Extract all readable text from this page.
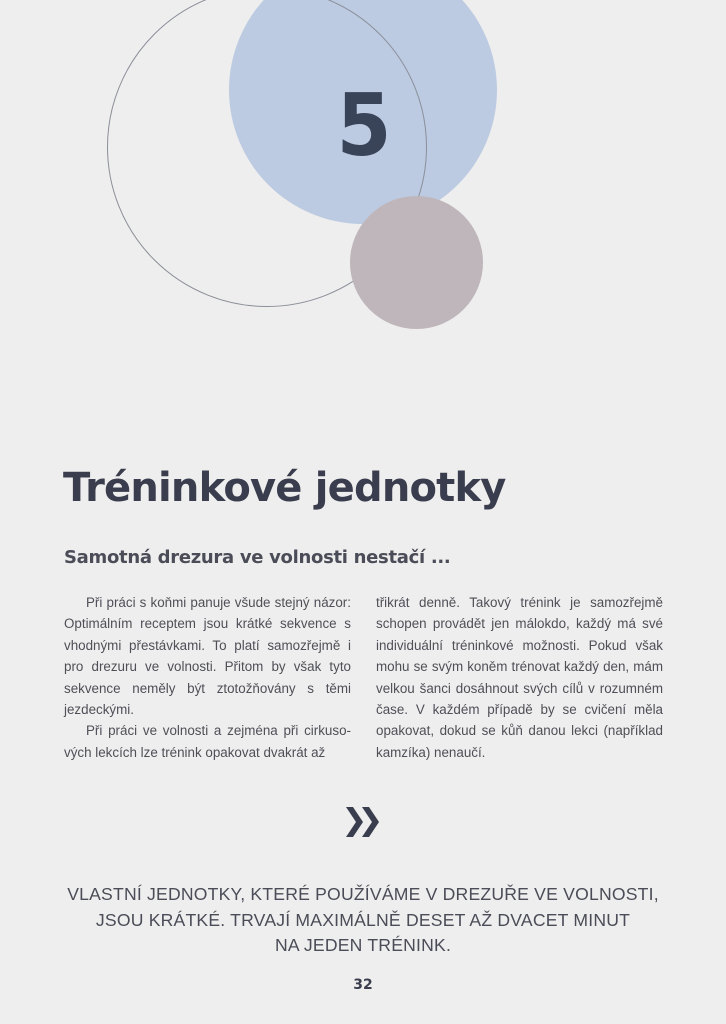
5
Tréninkové jednotky
Samotná drezura ve volnosti nestačí ...

Při práci s koňmi panuje všude stejný názor: Optimálním receptem jsou krátké sekvence s vhodnými přestávkami. To platí samozřejmě i pro drezuru ve volnosti. Přitom by však tyto sekvence neměly být ztotožňovány s těmi jezdeckými.

Při práci ve volnosti a zejména při cirkusových lekcích lze trénink opakovat dvakrát až

třikrát denně. Takový trénink je samozřejmě schopen provádět jen málokdo, každý má své individuální tréninkové možnosti. Pokud však mohu se svým koněm trénovat každý den, mám velkou šanci dosáhnout svých cílů v rozumném čase. V každém případě by se cvičení měla opakovat, dokud se kůň danou lekci (například kamzíka) nenaučí.

VLASTNÍ JEDNOTKY, KTERÉ POUŽÍVÁME V DREZUŘE VE VOLNOSTI,
JSOU KRÁTKÉ. TRVAJÍ MAXIMÁLNĚ DESET AŽ DVACET MINUT
NA JEDEN TRÉNINK.

32
